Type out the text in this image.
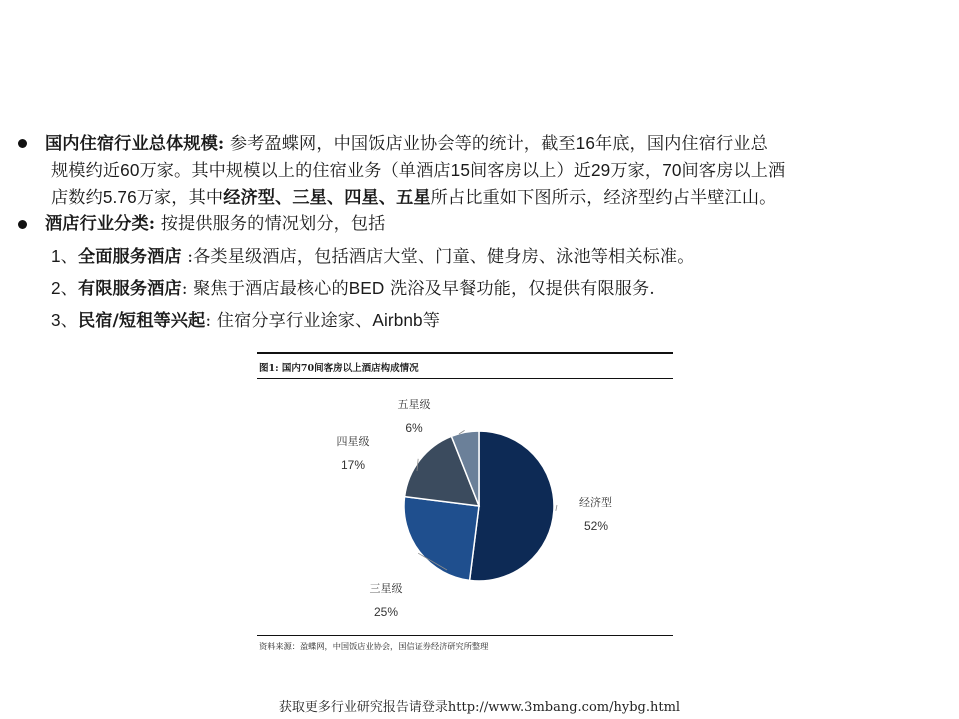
国内住宿行业总体规模: 参考盈蝶网，中国饭店业协会等的统计，截至16年底，国内住宿行业总
规模约近60万家。其中规模以上的住宿业务（单酒店15间客房以上）近29万家，70间客房以上酒
店数约5.76万家，其中经济型、三星、四星、五星所占比重如下图所示，经济型约占半壁江山。
酒店行业分类: 按提供服务的情况划分，包括
1、全面服务酒店 :各类星级酒店，包括酒店大堂、门童、健身房、泳池等相关标准。
2、有限服务酒店: 聚焦于酒店最核心的BED 洗浴及早餐功能，仅提供有限服务.
3、民宿/短租等兴起: 住宿分享行业途家、Airbnb等
图1: 国内70间客房以上酒店构成情况
经济型
52%
三星级
25%
四星级
17%
五星级
6%
资料来源：盈蝶网，中国饭店业协会，国信证券经济研究所整理
获取更多行业研究报告请登录http://www.3mbang.com/hybg.html
